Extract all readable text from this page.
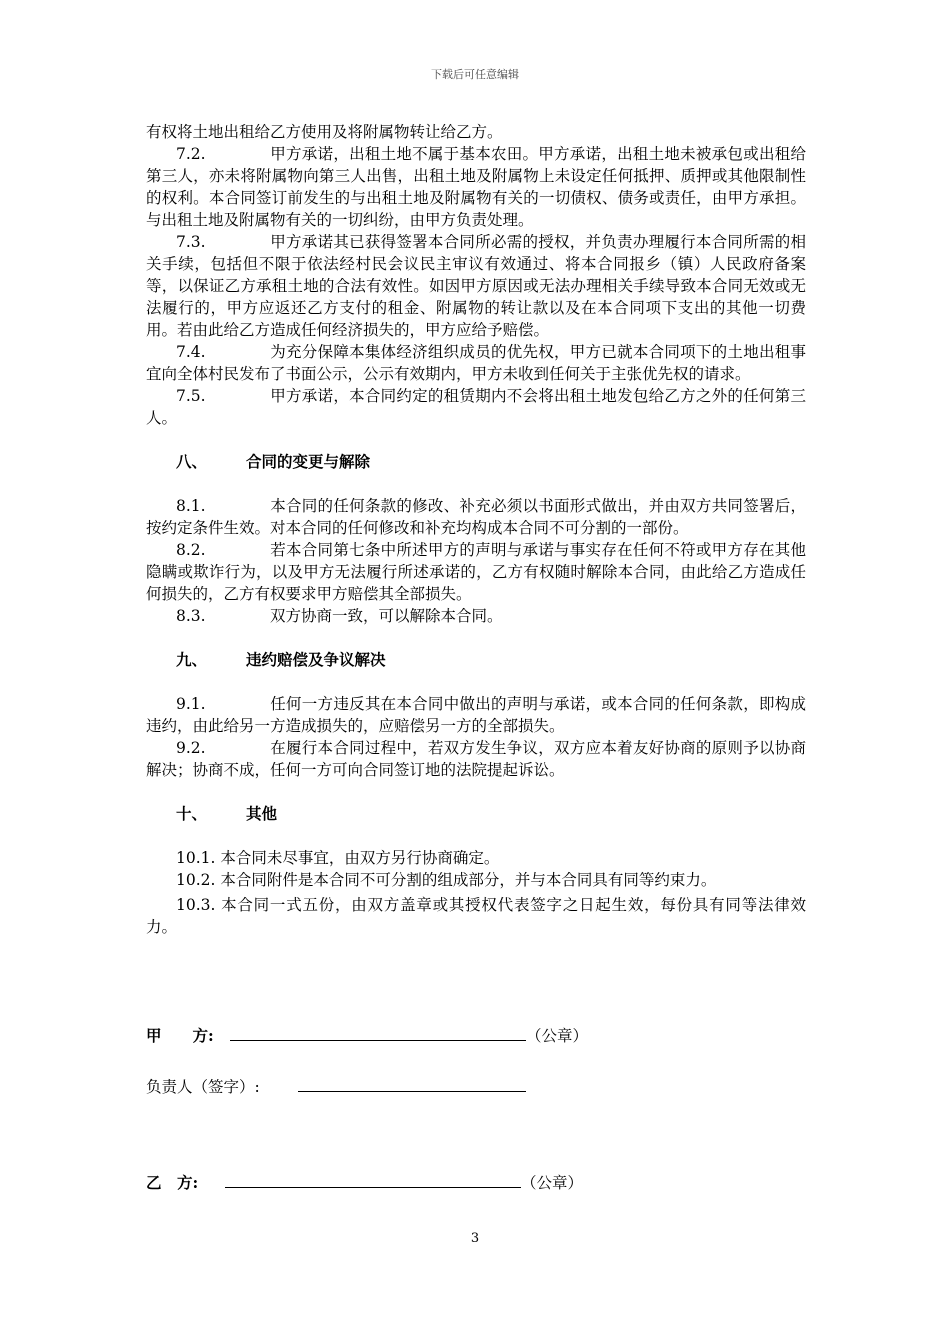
下载后可任意编辑

有权将土地出租给乙方使用及将附属物转让给乙方。

7.2.	甲方承诺，出租土地不属于基本农田。甲方承诺，出租土地未被承包或出租给第三人，亦未将附属物向第三人出售，出租土地及附属物上未设定任何抵押、质押或其他限制性的权利。本合同签订前发生的与出租土地及附属物有关的一切债权、债务或责任，由甲方承担。与出租土地及附属物有关的一切纠纷，由甲方负责处理。

7.3.	甲方承诺其已获得签署本合同所必需的授权，并负责办理履行本合同所需的相关手续，包括但不限于依法经村民会议民主审议有效通过、将本合同报乡（镇）人民政府备案等，以保证乙方承租土地的合法有效性。如因甲方原因或无法办理相关手续导致本合同无效或无法履行的，甲方应返还乙方支付的租金、附属物的转让款以及在本合同项下支出的其他一切费用。若由此给乙方造成任何经济损失的，甲方应给予赔偿。

7.4.	为充分保障本集体经济组织成员的优先权，甲方已就本合同项下的土地出租事宜向全体村民发布了书面公示，公示有效期内，甲方未收到任何关于主张优先权的请求。

7.5.	甲方承诺，本合同约定的租赁期内不会将出租土地发包给乙方之外的任何第三人。

八、	合同的变更与解除

8.1.	本合同的任何条款的修改、补充必须以书面形式做出，并由双方共同签署后，按约定条件生效。对本合同的任何修改和补充均构成本合同不可分割的一部份。

8.2.	若本合同第七条中所述甲方的声明与承诺与事实存在任何不符或甲方存在其他隐瞒或欺诈行为，以及甲方无法履行所述承诺的，乙方有权随时解除本合同，由此给乙方造成任何损失的，乙方有权要求甲方赔偿其全部损失。

8.3.	双方协商一致，可以解除本合同。

九、	违约赔偿及争议解决

9.1.	任何一方违反其在本合同中做出的声明与承诺，或本合同的任何条款，即构成违约，由此给另一方造成损失的，应赔偿另一方的全部损失。

9.2.	在履行本合同过程中，若双方发生争议，双方应本着友好协商的原则予以协商解决；协商不成，任何一方可向合同签订地的法院提起诉讼。

十、	其他

10.1. 本合同未尽事宜，由双方另行协商确定。

10.2. 本合同附件是本合同不可分割的组成部分，并与本合同具有同等约束力。

10.3. 本合同一式五份，由双方盖章或其授权代表签字之日起生效，每份具有同等法律效力。

甲　　方:	（公章）
负责人（签字）:
乙　方:	（公章）
3
